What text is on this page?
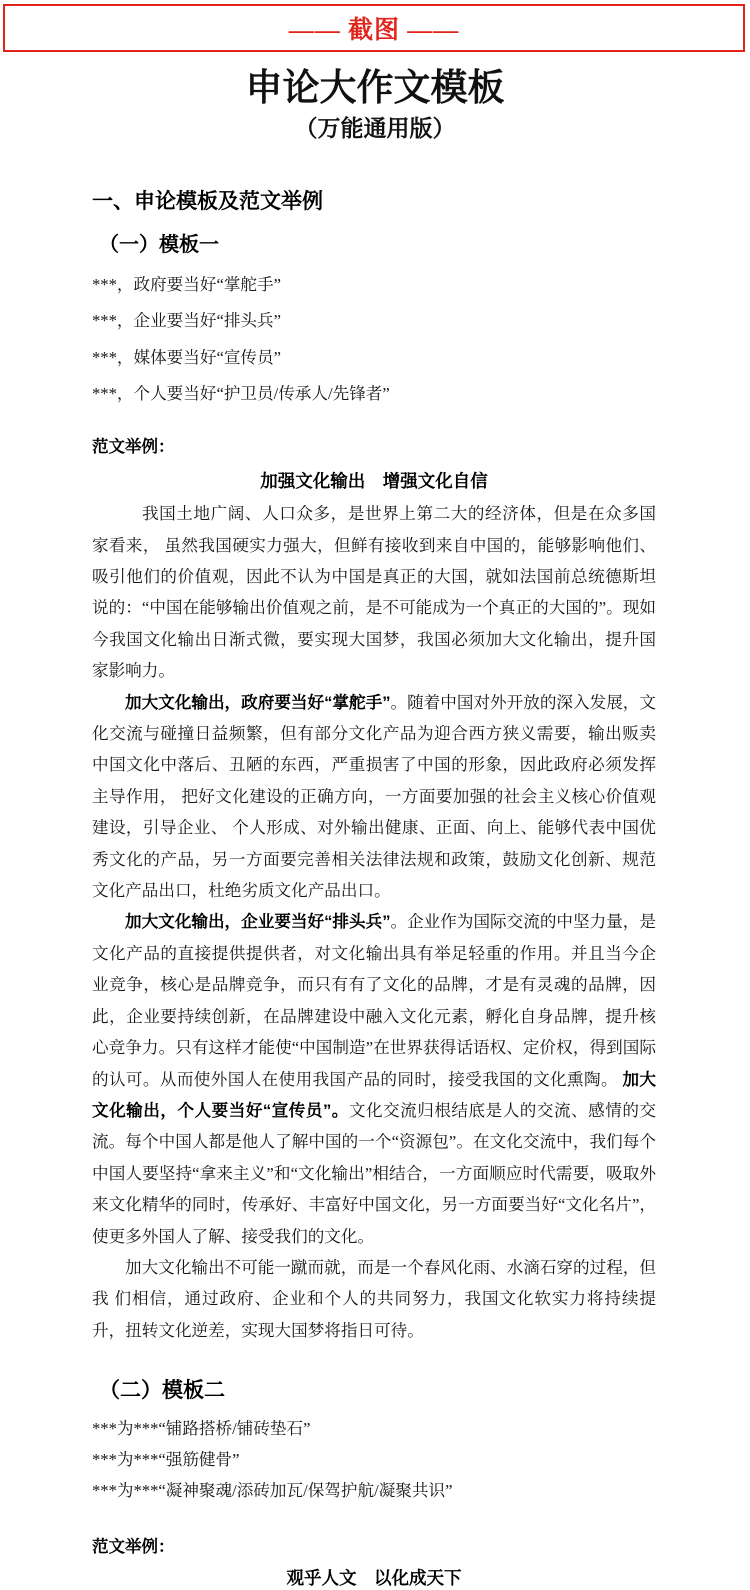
—— 截图 ——
申论大作文模板
（万能通用版）
一、申论模板及范文举例
（一）模板一

***，政府要当好“掌舵手”

***，企业要当好“排头兵”

***，媒体要当好“宣传员”

***，个人要当好“护卫员/传承人/先锋者”

范文举例：

加强文化输出　增强文化自信

我国土地广阔、人口众多，是世界上第二大的经济体，但是在众多国家看来， 虽然我国硬实力强大，但鲜有接收到来自中国的，能够影响他们、吸引他们的价值观，因此不认为中国是真正的大国，就如法国前总统德斯坦说的：“中国在能够输出价值观之前，是不可能成为一个真正的大国的”。现如今我国文化输出日渐式微，要实现大国梦，我国必须加大文化输出，提升国家影响力。

加大文化输出，政府要当好“掌舵手”。随着中国对外开放的深入发展，文 化交流与碰撞日益频繁，但有部分文化产品为迎合西方狭义需要，输出贩卖中国文化中落后、丑陋的东西，严重损害了中国的形象，因此政府必须发挥主导作用， 把好文化建设的正确方向，一方面要加强的社会主义核心价值观建设，引导企业、 个人形成、对外输出健康、正面、向上、能够代表中国优秀文化的产品，另一方面要完善相关法律法规和政策，鼓励文化创新、规范文化产品出口，杜绝劣质文化产品出口。

加大文化输出，企业要当好“排头兵”。企业作为国际交流的中坚力量，是 文化产品的直接提供提供者，对文化输出具有举足轻重的作用。并且当今企业竞争，核心是品牌竞争，而只有有了文化的品牌，才是有灵魂的品牌，因此，企业要持续创新，在品牌建设中融入文化元素，孵化自身品牌，提升核心竞争力。只有这样才能使“中国制造”在世界获得话语权、定价权，得到国际的认可。从而使外国人在使用我国产品的同时，接受我国的文化熏陶。 加大文化输出，个人要当好“宣传员”。文化交流归根结底是人的交流、感情的交流。每个中国人都是他人了解中国的一个“资源包”。在文化交流中，我们每个中国人要坚持“拿来主义”和“文化输出”相结合，一方面顺应时代需要，吸取外来文化精华的同时，传承好、丰富好中国文化，另一方面要当好“文化名片”，使更多外国人了解、接受我们的文化。

加大文化输出不可能一蹴而就，而是一个春风化雨、水滴石穿的过程，但我 们相信，通过政府、企业和个人的共同努力，我国文化软实力将持续提升，扭转文化逆差，实现大国梦将指日可待。

（二）模板二

***为***“铺路搭桥/铺砖垫石”

***为***“强筋健骨”

***为***“凝神聚魂/添砖加瓦/保驾护航/凝聚共识”

范文举例：

观乎人文　以化成天下
